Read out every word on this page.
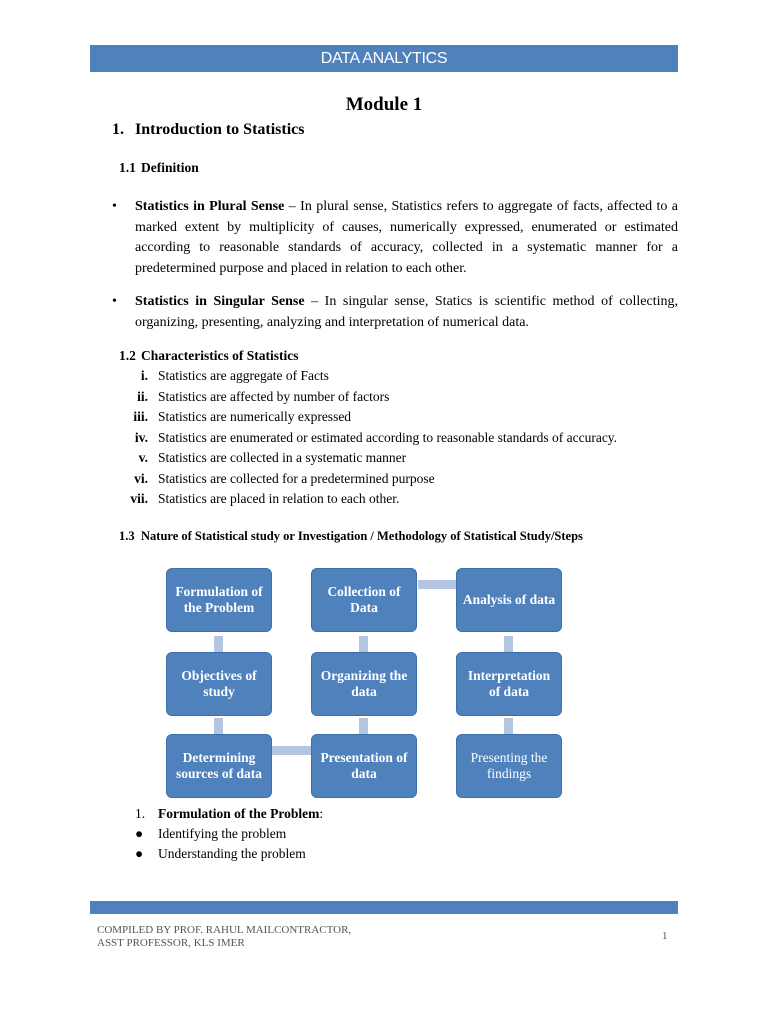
DATA ANALYTICS
Module 1
1. Introduction to Statistics
1.1 Definition
• Statistics in Plural Sense – In plural sense, Statistics refers to aggregate of facts, affected to a marked extent by multiplicity of causes, numerically expressed, enumerated or estimated according to reasonable standards of accuracy, collected in a systematic manner for a predetermined purpose and placed in relation to each other.
• Statistics in Singular Sense – In singular sense, Statics is scientific method of collecting, organizing, presenting, analyzing and interpretation of numerical data.
1.2 Characteristics of Statistics
i. Statistics are aggregate of Facts
ii. Statistics are affected by number of factors
iii. Statistics are numerically expressed
iv. Statistics are enumerated or estimated according to reasonable standards of accuracy.
v. Statistics are collected in a systematic manner
vi. Statistics are collected for a predetermined purpose
vii. Statistics are placed in relation to each other.
1.3 Nature of Statistical study or Investigation / Methodology of Statistical Study/Steps
Formulation of the Problem
Objectives of study
Determining sources of data
Collection of Data
Organizing the data
Presentation of data
Analysis of data
Interpretation of data
Presenting the findings
1. Formulation of the Problem:
● Identifying the problem
● Understanding the problem
COMPILED BY PROF. RAHUL MAILCONTRACTOR,
ASST PROFESSOR, KLS IMER
1
